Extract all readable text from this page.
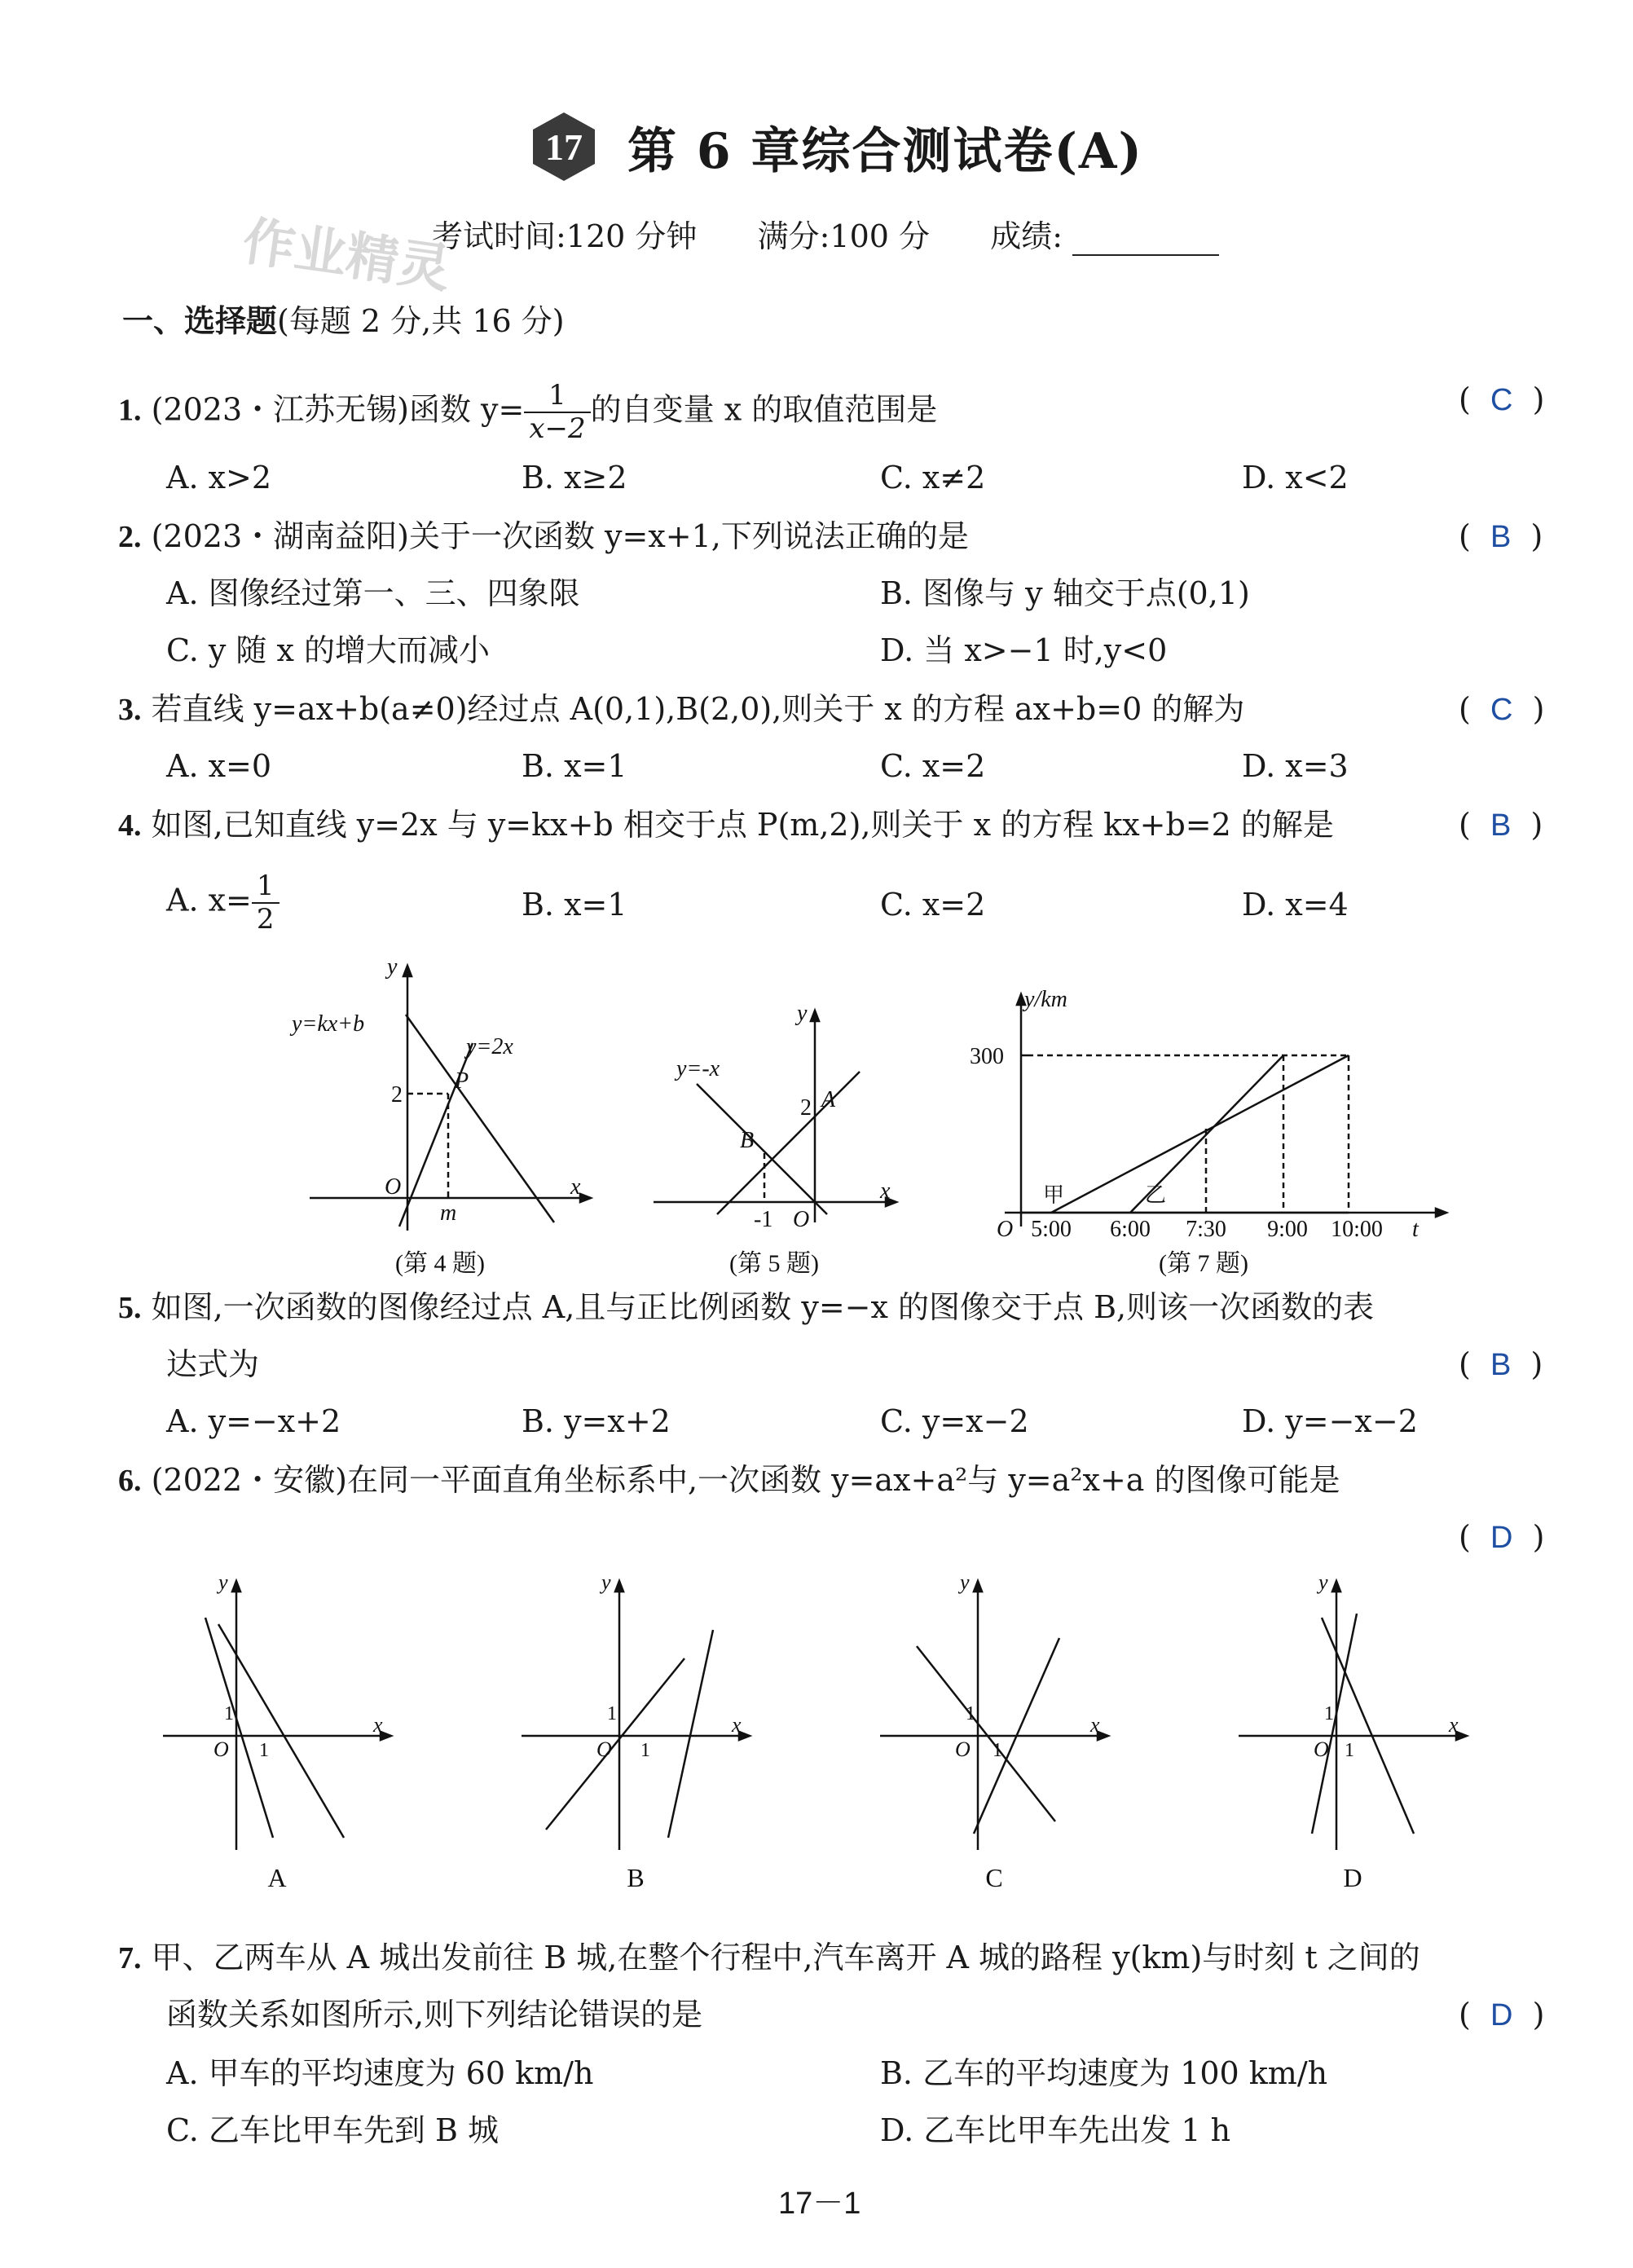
17 第 6 章综合测试卷(A)
作业精灵
考试时间:120 分钟 满分:100 分 成绩:
一、选择题(每题 2 分,共 16 分)
1. (2023・江苏无锡)函数 $y= \frac{1}{x-2}$ 的自变量 x 的取值范围是	(  C  )
A. x>2	B. x≥2	C. x≠2	D. x<2
2. (2023・湖南益阳)关于一次函数 y=x+1,下列说法正确的是	(  B  )
A. 图像经过第一、三、四象限	B. 图像与 y 轴交于点(0,1)
C. y 随 x 的增大而减小	D. 当 x>−1 时,y<0
3. 若直线 y=ax+b(a≠0)经过点 A(0,1),B(2,0),则关于 x 的方程 ax+b=0 的解为	(  C  )
A. x=0	B. x=1	C. x=2	D. x=3
4. 如图,已知直线 y=2x 与 y=kx+b 相交于点 P(m,2),则关于 x 的方程 kx+b=2 的解是	(  B  )
A. $x= \frac{1}{2}$	B. x=1	C. x=2	D. x=4
y=kx+b
y=2x
y
x
O
m
2
P
(第 4 题)
y
x
y=-x
2 A
B
-1 O
(第 5 题)
y/km
300
甲	乙
O 5:00 6:00 7:30 9:00 10:00 t
(第 7 题)
5. 如图,一次函数的图像经过点 A,且与正比例函数 y=−x 的图像交于点 B,则该一次函数的表
达式为	(  B  )
A. y=−x+2	B. y=x+2	C. y=x−2	D. y=−x−2
6. (2022・安徽)在同一平面直角坐标系中,一次函数 y=ax+a²与 y=a²x+a 的图像可能是
(  D  )
y
x
O
1
1
A
y
x
O
1
1
B
y
x
O
1
1
C
y
x
O
1
1
D
7. 甲、乙两车从 A 城出发前往 B 城,在整个行程中,汽车离开 A 城的路程 y(km)与时刻 t 之间的
函数关系如图所示,则下列结论错误的是	(  D  )
A. 甲车的平均速度为 60 km/h	B. 乙车的平均速度为 100 km/h
C. 乙车比甲车先到 B 城	D. 乙车比甲车先出发 1 h
17－1
